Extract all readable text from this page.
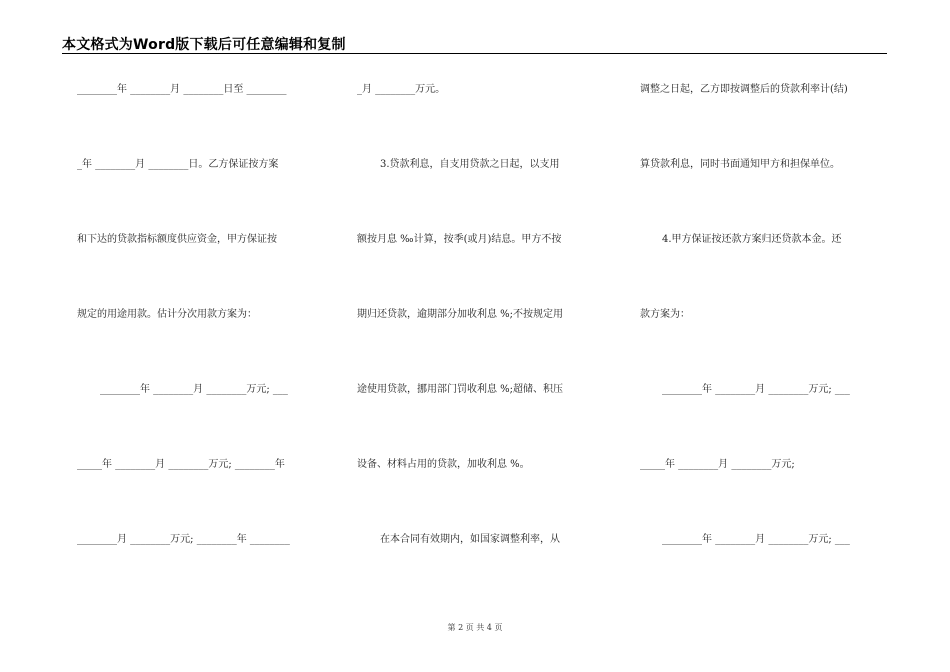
本文格式为Word版下载后可任意编辑和复制
________年 ________月 ________日至 ________
_年 ________月 ________日。乙方保证按方案
和下达的贷款指标额度供应资金，甲方保证按
规定的用途用款。估计分次用款方案为：
________年 ________月 ________万元; ___
_____年 ________月 ________万元; ________年
________月 ________万元; ________年 ________
_月 ________万元。
3.贷款利息，自支用贷款之日起，以支用
额按月息 ‰计算，按季(或月)结息。甲方不按
期归还贷款，逾期部分加收利息 %;不按规定用
途使用贷款，挪用部门罚收利息 %;超储、积压
设备、材料占用的贷款，加收利息 %。
在本合同有效期内，如国家调整利率，从
调整之日起，乙方即按调整后的贷款利率计(结)
算贷款利息，同时书面通知甲方和担保单位。
4.甲方保证按还款方案归还贷款本金。还
款方案为：
________年 ________月 ________万元; ___
_____年 ________月 ________万元;
________年 ________月 ________万元; ___
第 2 页 共 4 页
